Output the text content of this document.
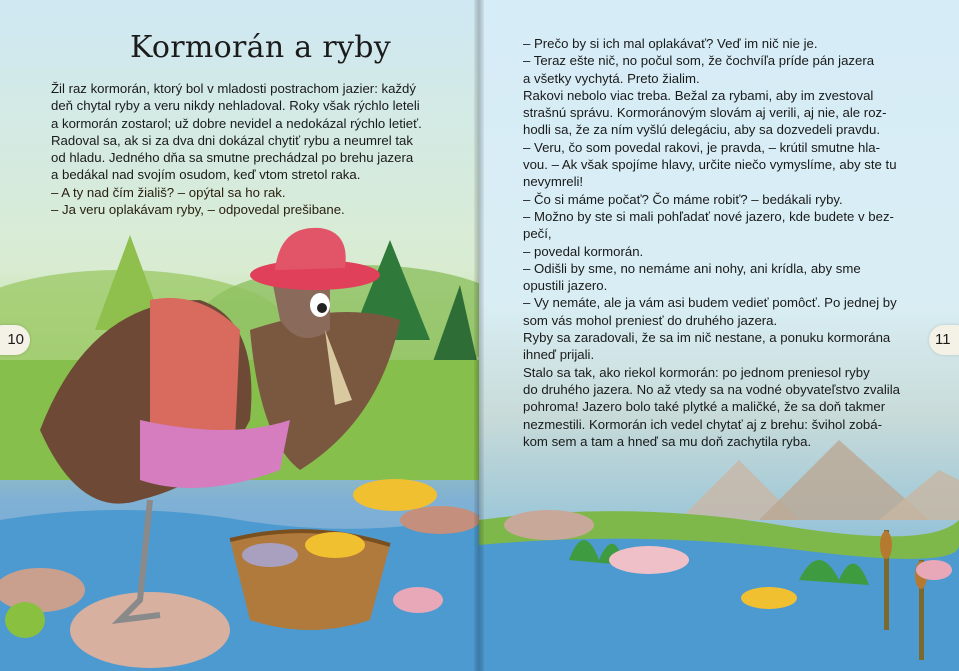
Kormorán a ryby
Žil raz kormorán, ktorý bol v mladosti postrachom jazier: každý
deň chytal ryby a veru nikdy nehladoval. Roky však rýchlo leteli
a kormorán zostarol; už dobre nevidel a nedokázal rýchlo letieť.
Radoval sa, ak si za dva dni dokázal chytiť rybu a neumrel tak
od hladu. Jedného dňa sa smutne prechádzal po brehu jazera
a bedákal nad svojím osudom, keď vtom stretol raka.
– A ty nad čím žiališ? – opýtal sa ho rak.
– Ja veru oplakávam ryby, – odpovedal prešibane.
10
– Prečo by si ich mal oplakávať? Veď im nič nie je.
– Teraz ešte nič, no počul som, že čochvíľa príde pán jazera
a všetky vychytá. Preto žialim.
Rakovi nebolo viac treba. Bežal za rybami, aby im zvestoval
strašnú správu. Kormoránovým slovám aj verili, aj nie, ale roz-
hodli sa, že za ním vyšlú delegáciu, aby sa dozvedeli pravdu.
– Veru, čo som povedal rakovi, je pravda, – krútil smutne hla-
vou. – Ak však spojíme hlavy, určite niečo vymyslíme, aby ste tu
nevymreli!
– Čo si máme počať? Čo máme robiť? – bedákali ryby.
– Možno by ste si mali pohľadať nové jazero, kde budete v bez-
pečí,
– povedal kormorán.
– Odišli by sme, no nemáme ani nohy, ani krídla, aby sme
opustili jazero.
– Vy nemáte, ale ja vám asi budem vedieť pomôcť. Po jednej by
som vás mohol preniesť do druhého jazera.
Ryby sa zaradovali, že sa im nič nestane, a ponuku kormorána
ihneď prijali.
Stalo sa tak, ako riekol kormorán: po jednom preniesol ryby
do druhého jazera. No až vtedy sa na vodné obyvateľstvo zvalila
pohroma! Jazero bolo také plytké a maličké, že sa doň takmer
nezmestili. Kormorán ich vedel chytať aj z brehu: švihol zobá-
kom sem a tam a hneď sa mu doň zachytila ryba.
11
